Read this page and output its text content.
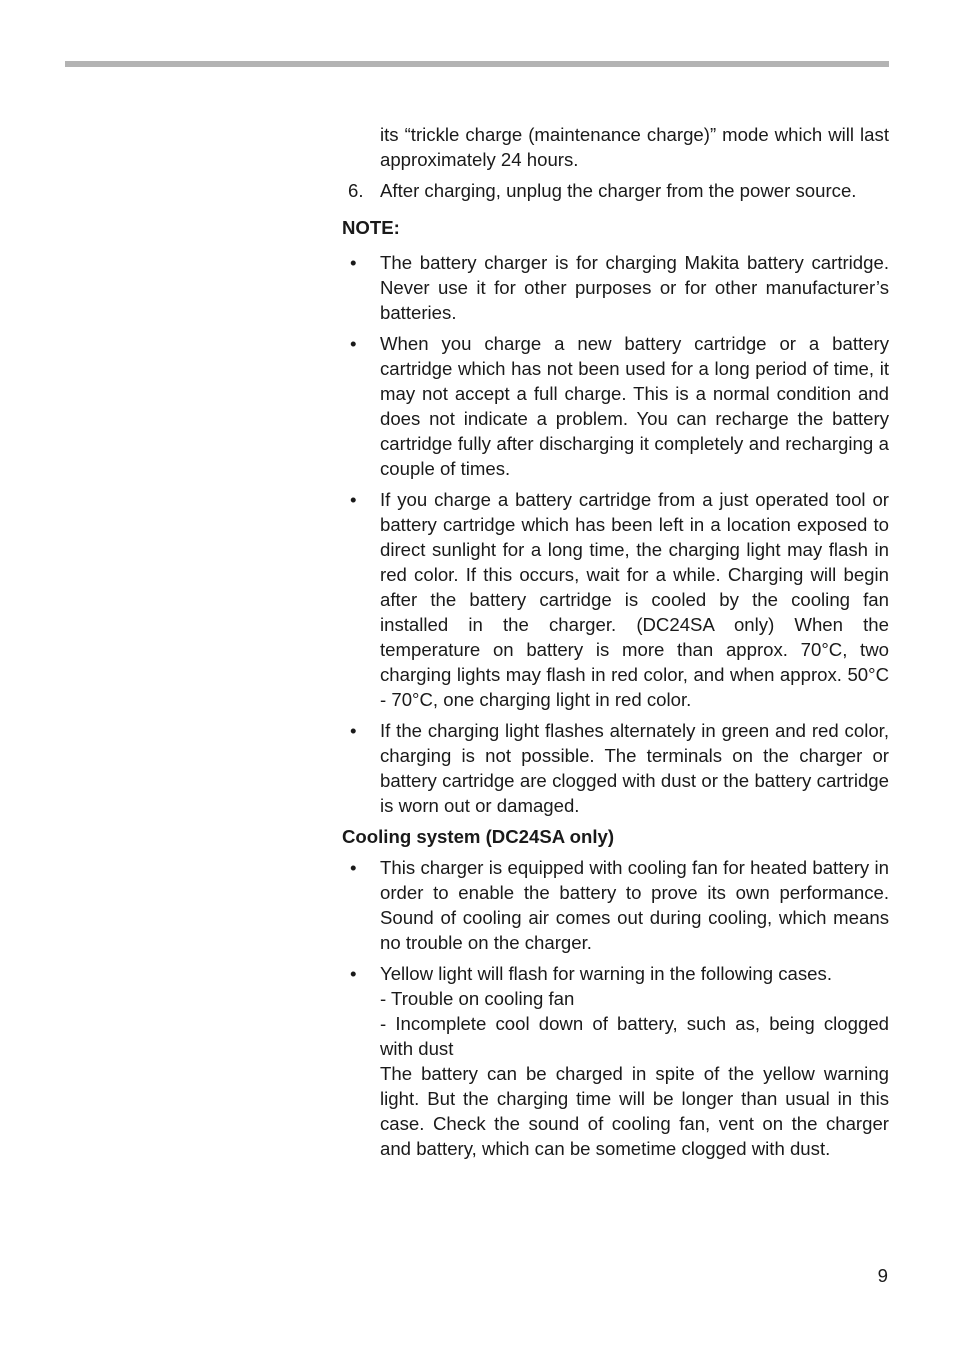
its “trickle charge (maintenance charge)” mode which will last approximately 24 hours.

6. After charging, unplug the charger from the power source.

NOTE:

• The battery charger is for charging Makita battery cartridge. Never use it for other purposes or for other manufacturer’s batteries.

• When you charge a new battery cartridge or a battery cartridge which has not been used for a long period of time, it may not accept a full charge. This is a normal condition and does not indicate a problem. You can recharge the battery cartridge fully after discharging it completely and recharging a couple of times.

• If you charge a battery cartridge from a just operated tool or battery cartridge which has been left in a location exposed to direct sunlight for a long time, the charging light may flash in red color. If this occurs, wait for a while. Charging will begin after the battery cartridge is cooled by the cooling fan installed in the charger. (DC24SA only) When the temperature on battery is more than approx. 70°C, two charging lights may flash in red color, and when approx. 50°C - 70°C, one charging light in red color.

• If the charging light flashes alternately in green and red color, charging is not possible. The terminals on the charger or battery cartridge are clogged with dust or the battery cartridge is worn out or damaged.

Cooling system (DC24SA only)

• This charger is equipped with cooling fan for heated battery in order to enable the battery to prove its own performance. Sound of cooling air comes out during cooling, which means no trouble on the charger.

• Yellow light will flash for warning in the following cases.

- Trouble on cooling fan

- Incomplete cool down of battery, such as, being clogged with dust

The battery can be charged in spite of the yellow warning light. But the charging time will be longer than usual in this case. Check the sound of cooling fan, vent on the charger and battery, which can be sometime clogged with dust.

9
